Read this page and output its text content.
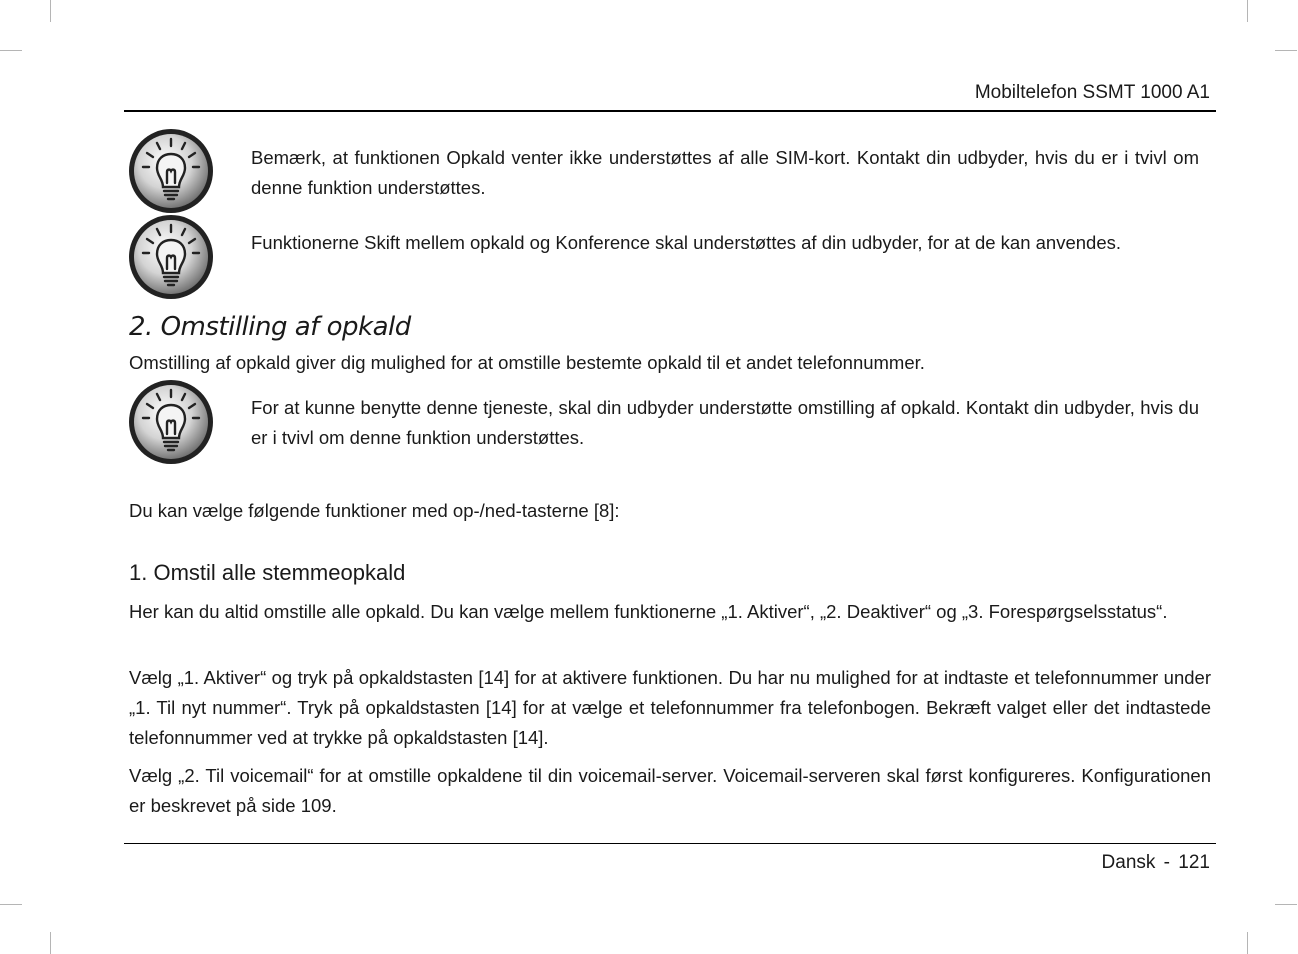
Mobiltelefon SSMT 1000 A1
Bemærk, at funktionen Opkald venter ikke understøttes af alle SIM-kort. Kontakt din udbyder, hvis du er i tvivl om denne funktion understøttes.
Funktionerne Skift mellem opkald og Konference skal understøttes af din udbyder, for at de kan anvendes.
2. Omstilling af opkald

Omstilling af opkald giver dig mulighed for at omstille bestemte opkald til et andet telefonnummer.

For at kunne benytte denne tjeneste, skal din udbyder understøtte omstilling af opkald. Kontakt din udbyder, hvis du er i tvivl om denne funktion understøttes.

Du kan vælge følgende funktioner med op-/ned-tasterne [8]:

1. Omstil alle stemmeopkald

Her kan du altid omstille alle opkald. Du kan vælge mellem funktionerne „1. Aktiver“, „2. Deaktiver“ og „3. Forespørgselsstatus“.

Vælg „1. Aktiver“ og tryk på opkaldstasten [14] for at aktivere funktionen. Du har nu mulighed for at indtaste et telefonnummer under „1. Til nyt nummer“. Tryk på opkaldstasten [14] for at vælge et telefonnummer fra telefonbogen. Bekræft valget eller det indtastede telefonnummer ved at trykke på opkaldstasten [14].

Vælg „2. Til voicemail“ for at omstille opkaldene til din voicemail-server. Voicemail-serveren skal først konfigureres. Konfigurationen er beskrevet på side 109.

Dansk - 121
